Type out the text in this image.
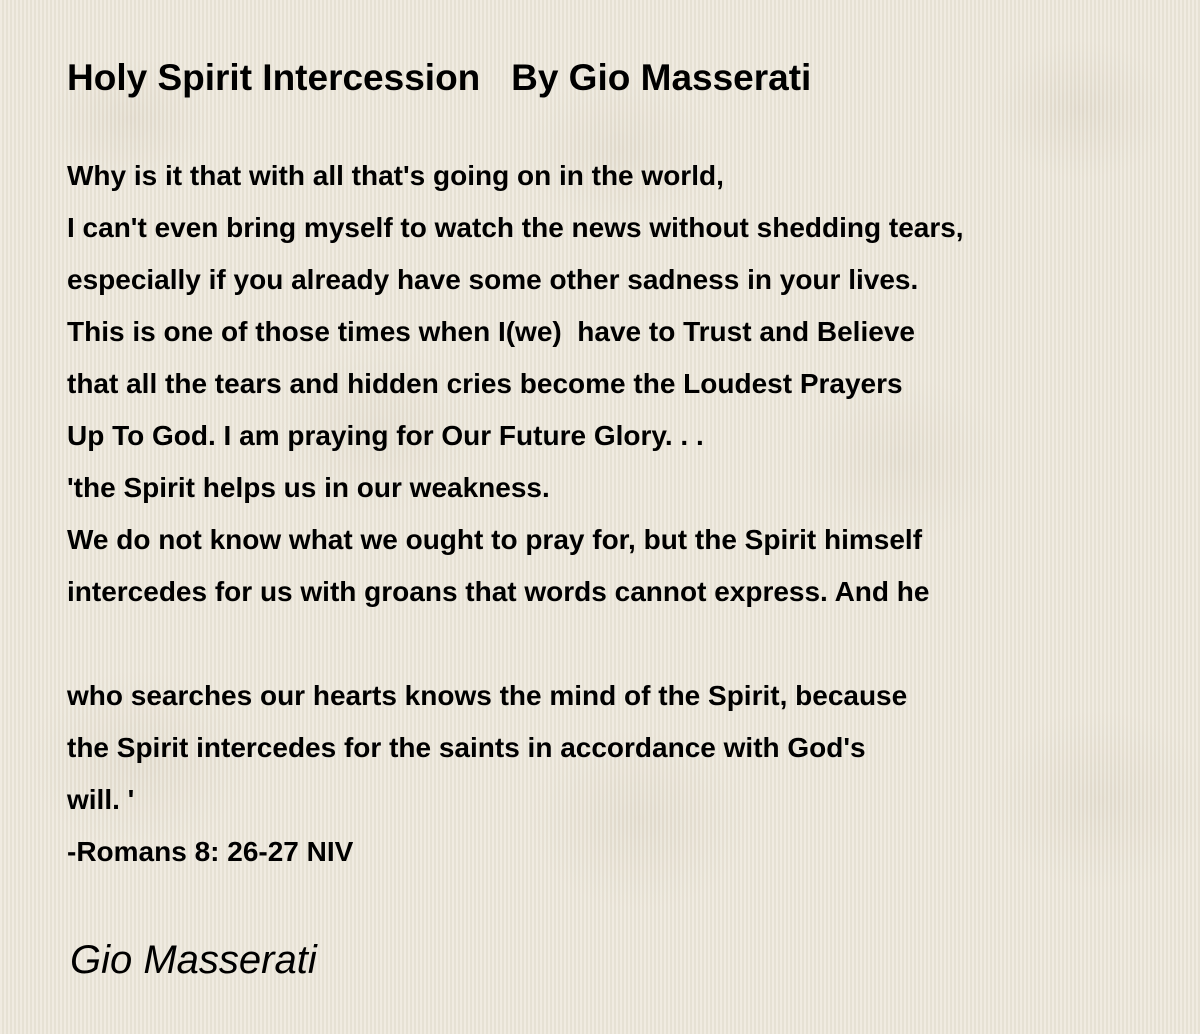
Holy Spirit Intercession   By Gio Masserati
Why is it that with all that's going on in the world,
I can't even bring myself to watch the news without shedding tears,
especially if you already have some other sadness in your lives.
This is one of those times when I(we)  have to Trust and Believe
that all the tears and hidden cries become the Loudest Prayers
Up To God. I am praying for Our Future Glory. . .
'the Spirit helps us in our weakness.
We do not know what we ought to pray for, but the Spirit himself
intercedes for us with groans that words cannot express. And he
who searches our hearts knows the mind of the Spirit, because
the Spirit intercedes for the saints in accordance with God's
will. '
-Romans 8: 26-27 NIV
Gio Masserati
